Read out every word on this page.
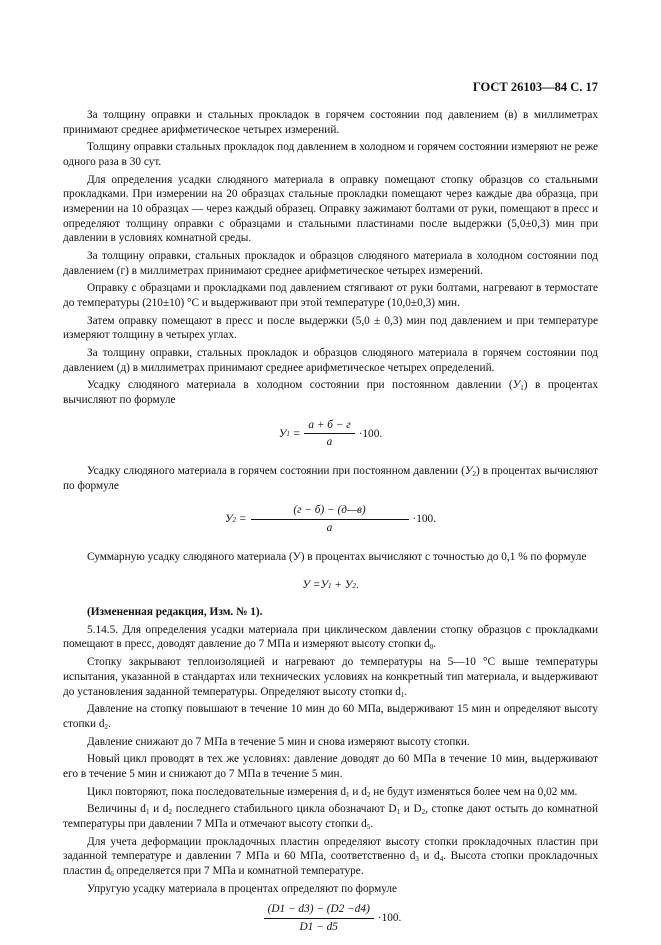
ГОСТ 26103—84 С. 17

За толщину оправки и стальных прокладок в горячем состоянии под давлением (в) в миллиметрах принимают среднее арифметическое четырех измерений.

Толщину оправки стальных прокладок под давлением в холодном и горячем состоянии измеряют не реже одного раза в 30 сут.

Для определения усадки слюдяного материала в оправку помещают стопку образцов со стальными прокладками. При измерении на 20 образцах стальные прокладки помещают через каждые два образца, при измерении на 10 образцах — через каждый образец. Оправку зажимают болтами от руки, помещают в пресс и определяют толщину оправки с образцами и стальными пластинами после выдержки (5,0±0,3) мин при давлении в условиях комнатной среды.

За толщину оправки, стальных прокладок и образцов слюдяного материала в холодном состоянии под давлением (г) в миллиметрах принимают среднее арифметическое четырех измерений.

Оправку с образцами и прокладками под давлением стягивают от руки болтами, нагревают в термостате до температуры (210±10) °С и выдерживают при этой температуре (10,0±0,3) мин.

Затем оправку помещают в пресс и после выдержки (5,0 ± 0,3) мин под давлением и при температуре измеряют толщину в четырех углах.

За толщину оправки, стальных прокладок и образцов слюдяного материала в горячем состоянии под давлением (д) в миллиметрах принимают среднее арифметическое четырех определений.

Усадку слюдяного материала в холодном состоянии при постоянном давлении $(У_1)$ в процентах вычисляют по формуле

У $1 = \frac{а + б - г}{а} \cdot 100$.

Усадку слюдяного материала в горячем состоянии при постоянном давлении $(У_2)$ в процентах вычисляют по формуле

У $2 = \frac{(г - б) - (д—в)}{а} \cdot 100$.

Суммарную усадку слюдяного материала (У) в процентах вычисляют с точностью до 0,1 % по формуле

У =У 1
+ У 2 .

(Измененная редакция, Изм. № 1).

5.14.5. Для определения усадки материала при циклическом давлении стопку образцов с прокладками помещают в пресс, доводят давление до 7 МПа и измеряют высоту стопки $d_0$.

Стопку закрывают теплоизоляцией и нагревают до температуры на 5—10 °С выше температуры испытания, указанной в стандартах или технических условиях на конкретный тип материала, и выдерживают до установления заданной температуры. Определяют высоту стопки $d_1$.

Давление на стопку повышают в течение 10 мин до 60 МПа, выдерживают 15 мин и определяют высоту стопки $d_2$.

Давление снижают до 7 МПа в течение 5 мин и снова измеряют высоту стопки.

Новый цикл проводят в тех же условиях: давление доводят до 60 МПа в течение 10 мин, выдерживают его в течение 5 мин и снижают до 7 МПа в течение 5 мин.

Цикл повторяют, пока последовательные измерения $d_1$ и $d_2$ не будут изменяться более чем на 0,02 мм.

Величины $d_1$ и $d_2$ последнего стабильного цикла обозначают $D_1$ и $D_2$, стопке дают остыть до комнатной температуры при давлении 7 МПа и отмечают высоту стопки $d_5$.

Для учета деформации прокладочных пластин определяют высоту стопки прокладочных пластин при заданной температуре и давлении 7 МПа и 60 МПа, соответственно $d_3$ и $d_4$. Высота стопки прокладочных пластин $d_6$ определяется при 7 МПа и комнатной температуре.

Упругую усадку материала в процентах определяют по формуле

$\frac{(D1 - d3) - (D2 -d4)}{D1 - d5} \cdot 100$.
